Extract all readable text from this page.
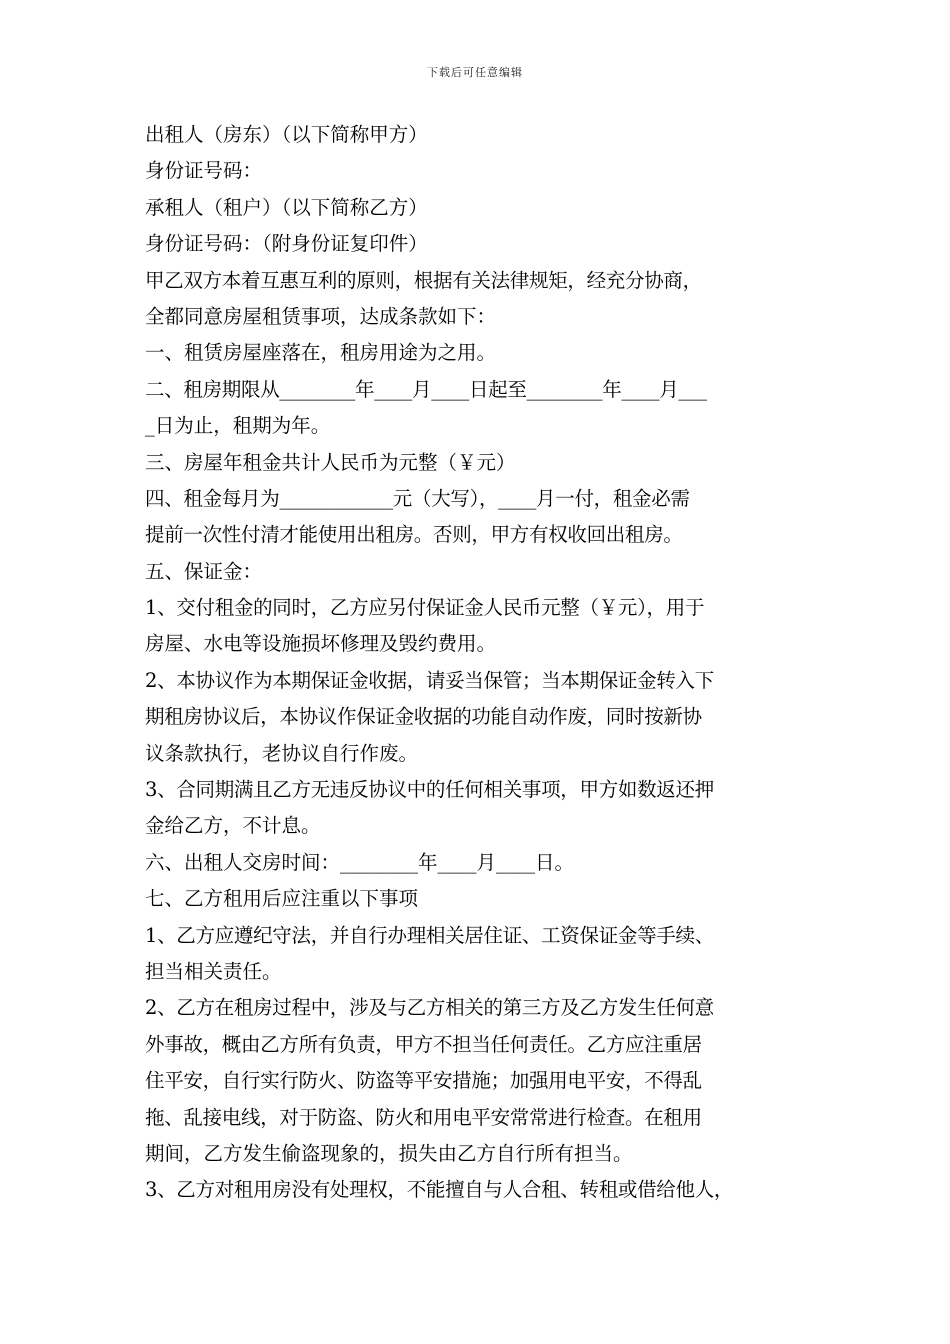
下载后可任意编辑
出租人（房东）（以下简称甲方）
身份证号码：
承租人（租户）（以下简称乙方）
身份证号码：（附身份证复印件）
甲乙双方本着互惠互利的原则，根据有关法律规矩，经充分协商，
全都同意房屋租赁事项，达成条款如下：
一、租赁房屋座落在，租房用途为之用。
二、租房期限从________年____月____日起至________年____月___
_日为止，租期为年。
三、房屋年租金共计人民币为元整（￥元）
四、租金每月为____________元（大写），____月一付，租金必需
提前一次性付清才能使用出租房。否则，甲方有权收回出租房。
五、保证金：
1、交付租金的同时，乙方应另付保证金人民币元整（￥元），用于
房屋、水电等设施损坏修理及毁约费用。
2、本协议作为本期保证金收据，请妥当保管；当本期保证金转入下
期租房协议后，本协议作保证金收据的功能自动作废，同时按新协
议条款执行，老协议自行作废。
3、合同期满且乙方无违反协议中的任何相关事项，甲方如数返还押
金给乙方，不计息。
六、出租人交房时间：________年____月____日。
七、乙方租用后应注重以下事项
1、乙方应遵纪守法，并自行办理相关居住证、工资保证金等手续、
担当相关责任。
2、乙方在租房过程中，涉及与乙方相关的第三方及乙方发生任何意
外事故，概由乙方所有负责，甲方不担当任何责任。乙方应注重居
住平安，自行实行防火、防盗等平安措施；加强用电平安，不得乱
拖、乱接电线，对于防盗、防火和用电平安常常进行检查。在租用
期间，乙方发生偷盗现象的，损失由乙方自行所有担当。
3、乙方对租用房没有处理权，不能擅自与人合租、转租或借给他人，
